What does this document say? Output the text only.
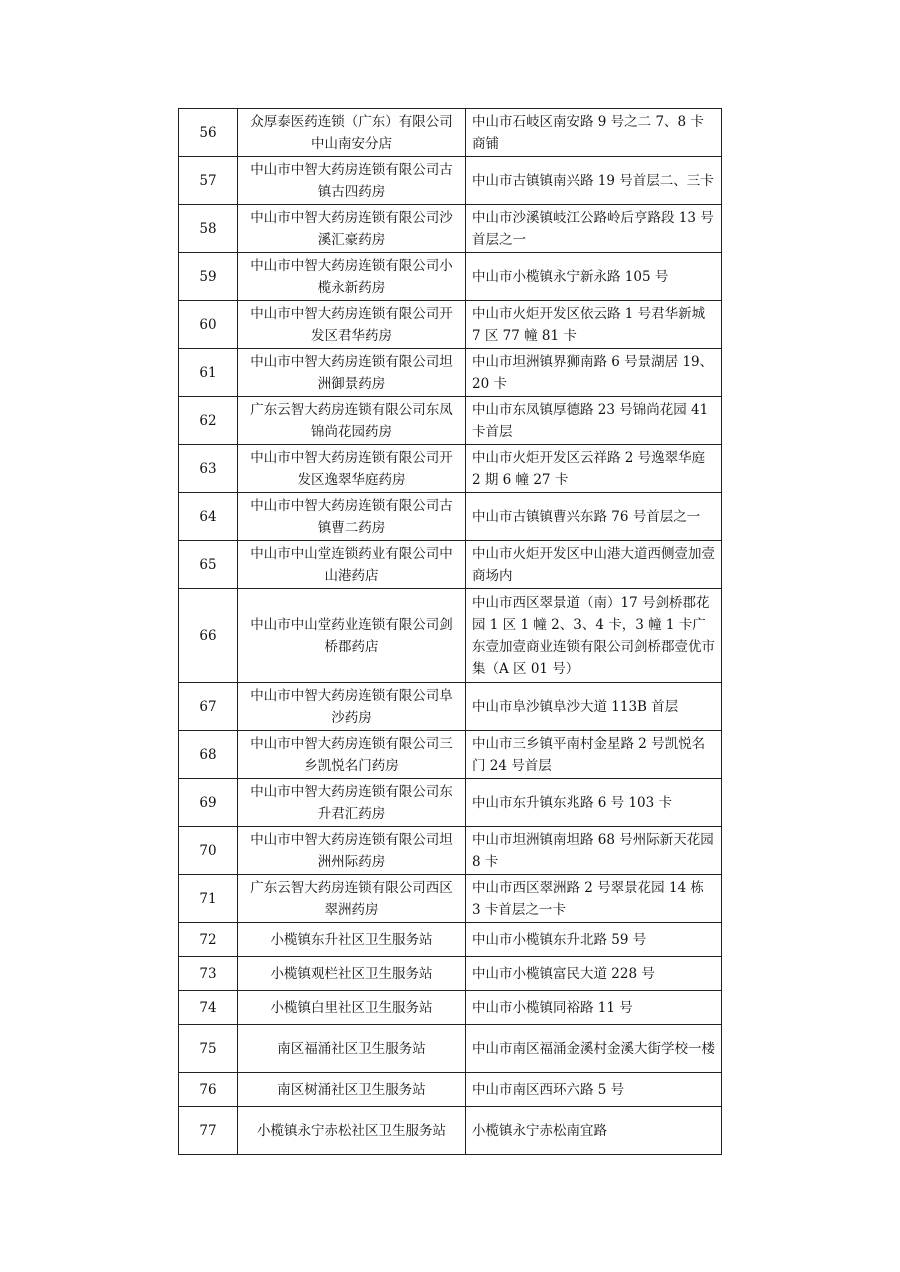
56	众厚泰医药连锁（广东）有限公司中山南安分店	中山市石岐区南安路 9 号之二 7、8 卡商铺

57	中山市中智大药房连锁有限公司古镇古四药房	中山市古镇镇南兴路 19 号首层二、三卡

58	中山市中智大药房连锁有限公司沙溪汇豪药房	中山市沙溪镇岐江公路岭后亨路段 13 号首层之一

59	中山市中智大药房连锁有限公司小榄永新药房	中山市小榄镇永宁新永路 105 号

60	中山市中智大药房连锁有限公司开发区君华药房	中山市火炬开发区依云路 1 号君华新城 7 区 77 幢 81 卡

61	中山市中智大药房连锁有限公司坦洲御景药房	中山市坦洲镇界狮南路 6 号景湖居 19、20 卡

62	广东云智大药房连锁有限公司东凤锦尚花园药房	中山市东凤镇厚德路 23 号锦尚花园 41 卡首层

63	中山市中智大药房连锁有限公司开发区逸翠华庭药房	中山市火炬开发区云祥路 2 号逸翠华庭 2 期 6 幢 27 卡

64	中山市中智大药房连锁有限公司古镇曹二药房	中山市古镇镇曹兴东路 76 号首层之一

65	中山市中山堂连锁药业有限公司中山港药店	中山市火炬开发区中山港大道西侧壹加壹商场内

66	中山市中山堂药业连锁有限公司剑桥郡药店	中山市西区翠景道（南）17 号剑桥郡花园 1 区 1 幢 2、3、4 卡，3 幢 1 卡广东壹加壹商业连锁有限公司剑桥郡壹优市集（A 区 01 号）

67	中山市中智大药房连锁有限公司阜沙药房	中山市阜沙镇阜沙大道 113B 首层

68	中山市中智大药房连锁有限公司三乡凯悦名门药房	中山市三乡镇平南村金星路 2 号凯悦名门 24 号首层

69	中山市中智大药房连锁有限公司东升君汇药房	中山市东升镇东兆路 6 号 103 卡

70	中山市中智大药房连锁有限公司坦洲州际药房	中山市坦洲镇南坦路 68 号州际新天花园 8 卡

71	广东云智大药房连锁有限公司西区翠洲药房	中山市西区翠洲路 2 号翠景花园 14 栋 3 卡首层之一卡

72	小榄镇东升社区卫生服务站	中山市小榄镇东升北路 59 号

73	小榄镇观栏社区卫生服务站	中山市小榄镇富民大道 228 号

74	小榄镇白里社区卫生服务站	中山市小榄镇同裕路 11 号

75	南区福涌社区卫生服务站	中山市南区福涌金溪村金溪大街学校一楼

76	南区树涌社区卫生服务站	中山市南区西环六路 5 号

77	小榄镇永宁赤松社区卫生服务站	小榄镇永宁赤松南宜路
